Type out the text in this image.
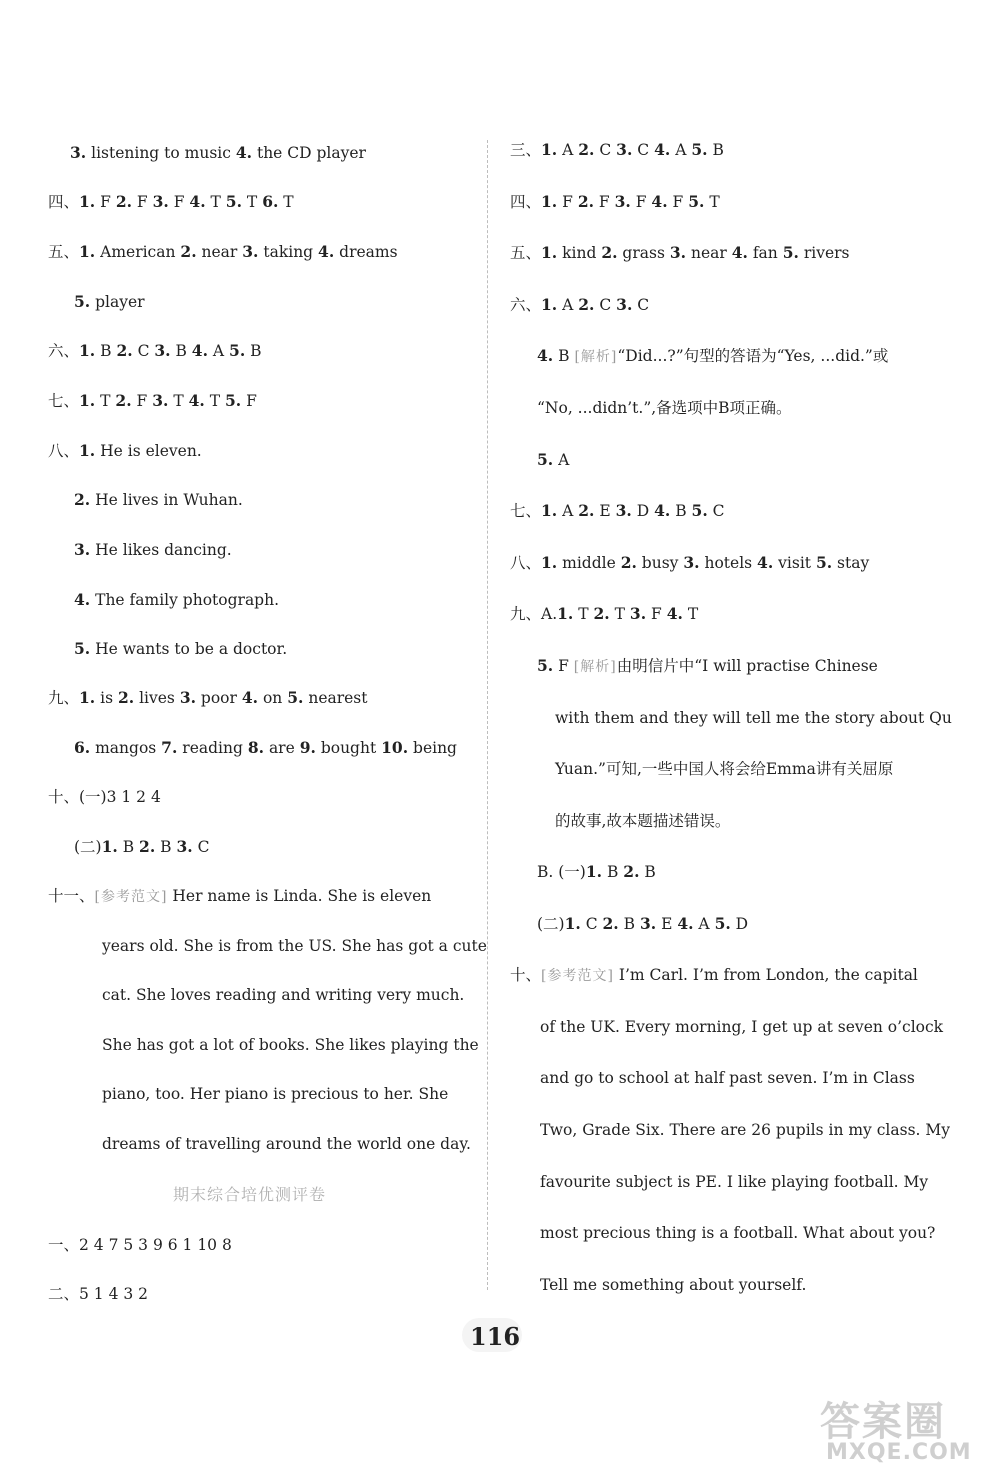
3. listening to music 4. the CD player
四、1. F 2. F 3. F 4. T 5. T 6. T
五、1. American 2. near 3. taking 4. dreams
5. player
六、1. B 2. C 3. B 4. A 5. B
七、1. T 2. F 3. T 4. T 5. F
八、1. He is eleven.
2. He lives in Wuhan.
3. He likes dancing.
4. The family photograph.
5. He wants to be a doctor.
九、1. is 2. lives 3. poor 4. on 5. nearest
6. mangos 7. reading 8. are 9. bought 10. being
十、(一)3 1 2 4
(二)1. B 2. B 3. C
十一、[参考范文] Her name is Linda. She is eleven
years old. She is from the US. She has got a cute
cat. She loves reading and writing very much.
She has got a lot of books. She likes playing the
piano, too. Her piano is precious to her. She
dreams of travelling around the world one day.
期末综合培优测评卷
一、2 4 7 5 3 9 6 1 10 8
二、5 1 4 3 2
三、1. A 2. C 3. C 4. A 5. B
四、1. F 2. F 3. F 4. F 5. T
五、1. kind 2. grass 3. near 4. fan 5. rivers
六、1. A 2. C 3. C
4. B [解析]“Did...?”句型的答语为“Yes, ...did.”或
“No, ...didn’t.”,备选项中B项正确。
5. A
七、1. A 2. E 3. D 4. B 5. C
八、1. middle 2. busy 3. hotels 4. visit 5. stay
九、A.1. T 2. T 3. F 4. T
5. F [解析]由明信片中“I will practise Chinese
with them and they will tell me the story about Qu
Yuan.”可知,一些中国人将会给Emma讲有关屈原
的故事,故本题描述错误。
B. (一)1. B 2. B
(二)1. C 2. B 3. E 4. A 5. D
十、[参考范文] I’m Carl. I’m from London, the capital
of the UK. Every morning, I get up at seven o’clock
and go to school at half past seven. I’m in Class
Two, Grade Six. There are 26 pupils in my class. My
favourite subject is PE. I like playing football. My
most precious thing is a football. What about you?
Tell me something about yourself.
116
答案圈
MXQE.COM
